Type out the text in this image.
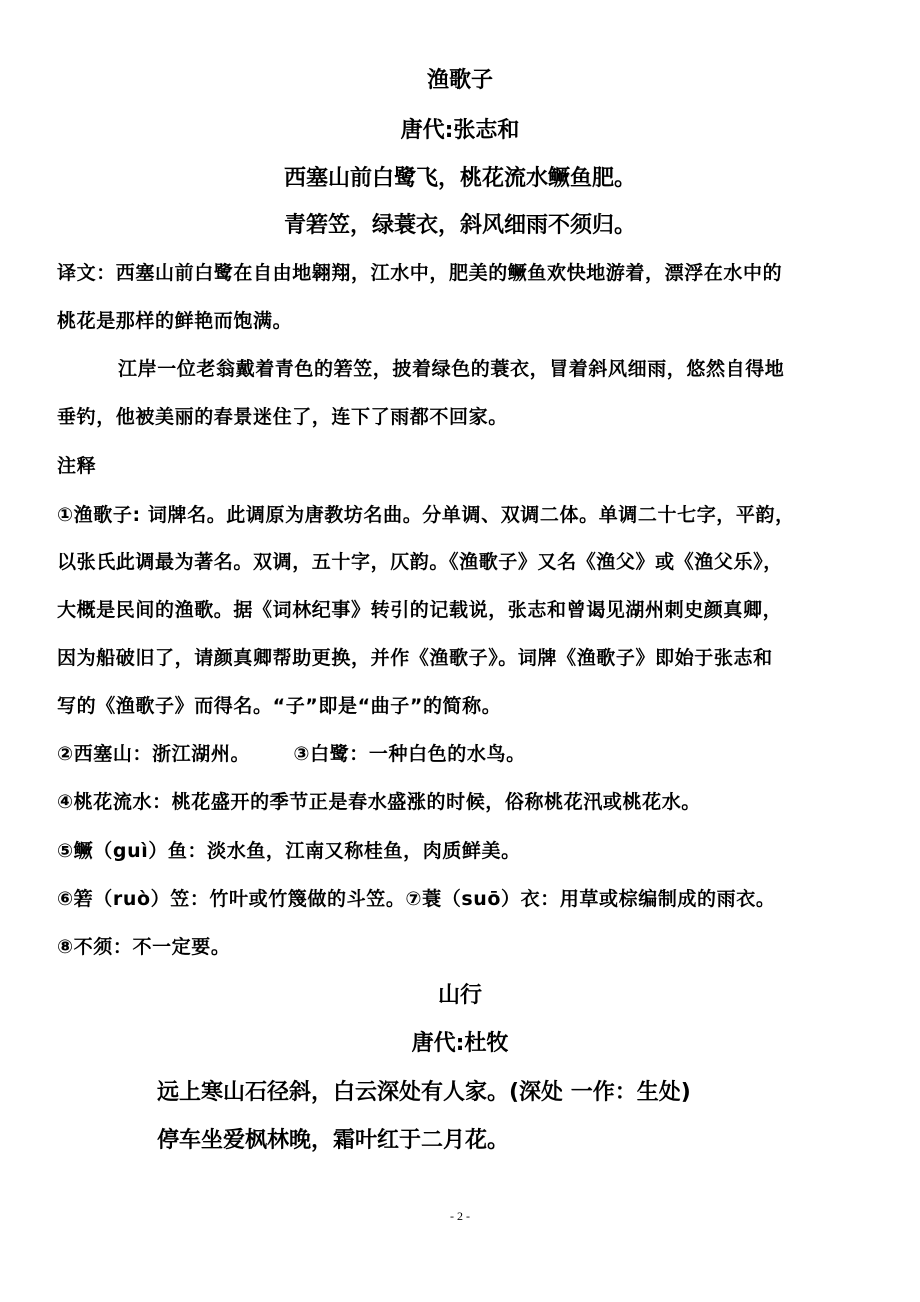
渔歌子
唐代:张志和
西塞山前白鹭飞，桃花流水鳜鱼肥。
青箬笠，绿蓑衣，斜风细雨不须归。
译文：西塞山前白鹭在自由地翱翔，江水中，肥美的鳜鱼欢快地游着，漂浮在水中的
桃花是那样的鲜艳而饱满。
江岸一位老翁戴着青色的箬笠，披着绿色的蓑衣，冒着斜风细雨，悠然自得地
垂钓，他被美丽的春景迷住了，连下了雨都不回家。
注释
①渔歌子: 词牌名。此调原为唐教坊名曲。分单调、双调二体。单调二十七字，平韵，
以张氏此调最为著名。双调，五十字，仄韵。《渔歌子》又名《渔父》或《渔父乐》，
大概是民间的渔歌。据《词林纪事》转引的记载说，张志和曾谒见湖州刺史颜真卿，
因为船破旧了，请颜真卿帮助更换，并作《渔歌子》。词牌《渔歌子》即始于张志和
写的《渔歌子》而得名。“子”即是“曲子”的简称。
②西塞山：浙江湖州。      ③白鹭：一种白色的水鸟。
④桃花流水：桃花盛开的季节正是春水盛涨的时候，俗称桃花汛或桃花水。
⑤鳜（guì）鱼：淡水鱼，江南又称桂鱼，肉质鲜美。
⑥箬（ruò）笠：竹叶或竹篾做的斗笠。⑦蓑（suō）衣：用草或棕编制成的雨衣。
⑧不须：不一定要。
山行
唐代:杜牧
远上寒山石径斜，白云深处有人家。(深处 一作：生处)
停车坐爱枫林晚，霜叶红于二月花。
- 2 -
